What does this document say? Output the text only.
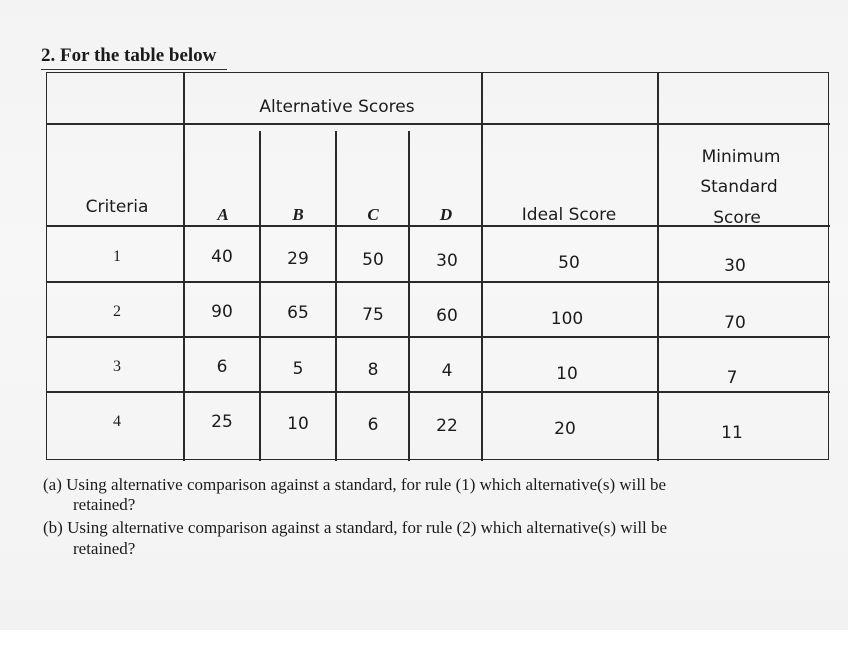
2. For the table below
Alternative Scores
Criteria	A	B	C	D	Ideal Score
Minimum
Standard
Score
1	40	29	50	30	50	30
2	90	65	75	60	100	70
3	6	5	8	4	10	7
4	25	10	6	22	20	11

(a) Using alternative comparison against a standard, for rule (1) which alternative(s) will be

retained?

(b) Using alternative comparison against a standard, for rule (2) which alternative(s) will be

retained?
